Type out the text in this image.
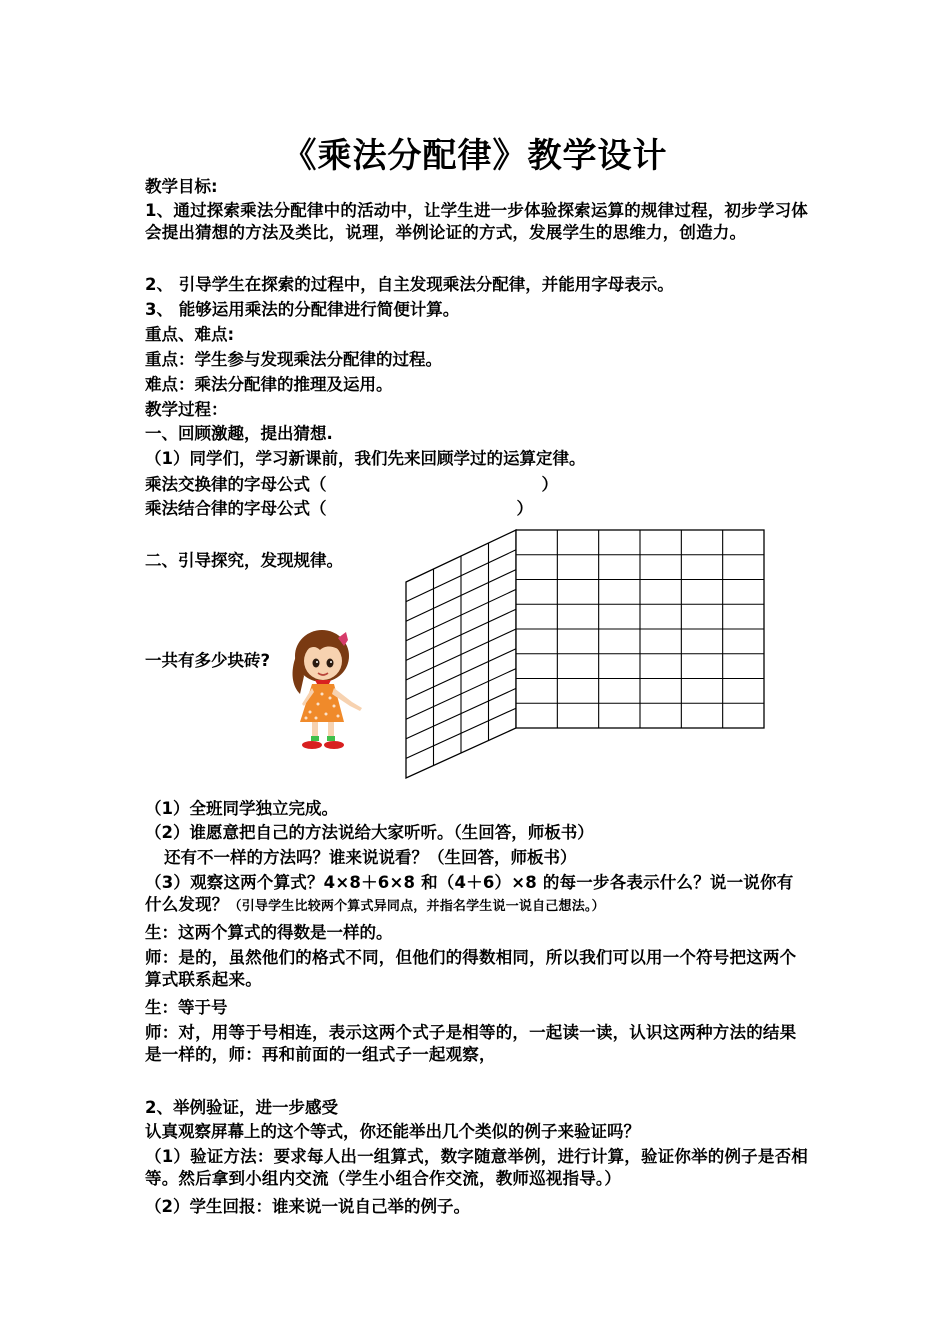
《乘法分配律》教学设计
教学目标:
1、通过探索乘法分配律中的活动中，让学生进一步体验探索运算的规律过程，初步学习体会提出猜想的方法及类比，说理，举例论证的方式，发展学生的思维力，创造力。
2、 引导学生在探索的过程中，自主发现乘法分配律，并能用字母表示。
3、 能够运用乘法的分配律进行简便计算。
重点、难点:
重点：学生参与发现乘法分配律的过程。
难点：乘法分配律的推理及运用。
教学过程：
一、回顾激趣，提出猜想.
（1）同学们，学习新课前，我们先来回顾学过的运算定律。
乘法交换律的字母公式（	）
乘法结合律的字母公式（	）
二、引导探究，发现规律。
一共有多少块砖?
（1）全班同学独立完成。
（2）谁愿意把自己的方法说给大家听听。（生回答，师板书）
还有不一样的方法吗？谁来说说看？（生回答，师板书）
（3）观察这两个算式？4×8＋6×8 和（4＋6）×8 的每一步各表示什么？说一说你有什么发现？（引导学生比较两个算式异同点，并指名学生说一说自己想法。）
生：这两个算式的得数是一样的。
师：是的，虽然他们的格式不同，但他们的得数相同，所以我们可以用一个符号把这两个算式联系起来。
生：等于号
师：对，用等于号相连，表示这两个式子是相等的，一起读一读，认识这两种方法的结果是一样的，师：再和前面的一组式子一起观察，
2、举例验证，进一步感受
认真观察屏幕上的这个等式，你还能举出几个类似的例子来验证吗？
（1）验证方法：要求每人出一组算式，数字随意举例，进行计算，验证你举的例子是否相等。然后拿到小组内交流（学生小组合作交流，教师巡视指导。）
（2）学生回报：谁来说一说自己举的例子。
